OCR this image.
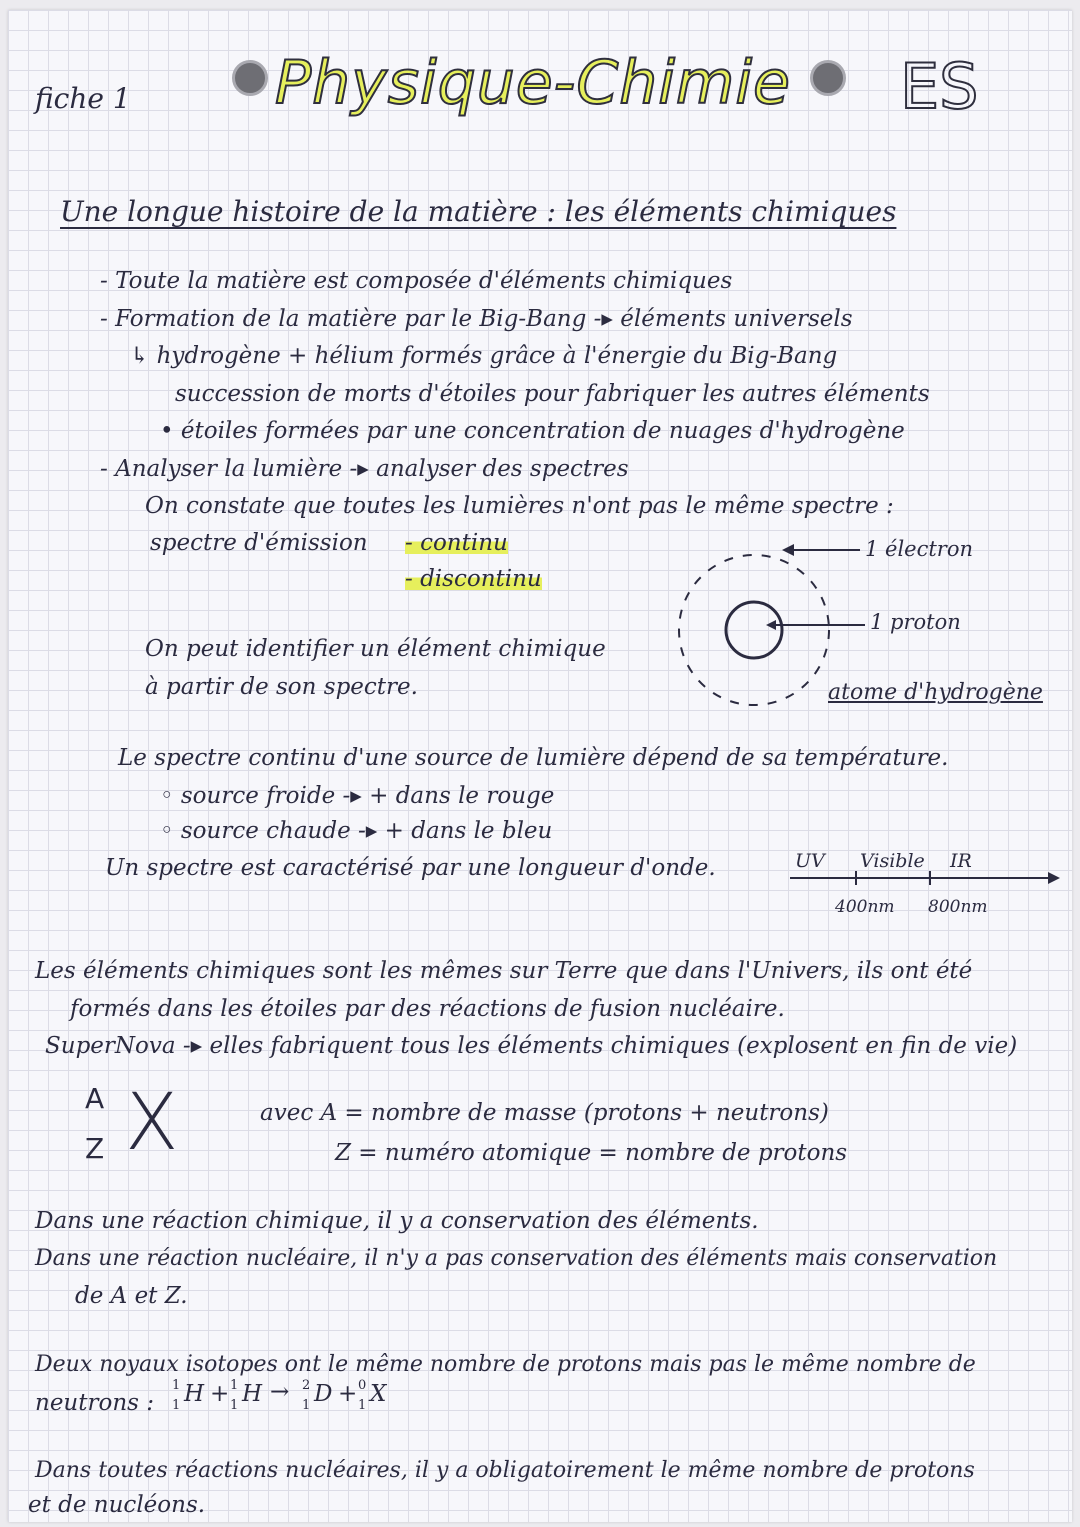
fiche 1 Physique-Chimie ES
Une longue histoire de la matière : les éléments chimiques
- Toute la matière est composée d'éléments chimiques
- Formation de la matière par le Big-Bang -▸ éléments universels
↳ hydrogène + hélium formés grâce à l'énergie du Big-Bang
succession de morts d'étoiles pour fabriquer les autres éléments
• étoiles formées par une concentration de nuages d'hydrogène
- Analyser la lumière -▸ analyser des spectres
On constate que toutes les lumières n'ont pas le même spectre :
spectre d'émission - continu
- discontinu
On peut identifier un élément chimique
à partir de son spectre.
1 électron
1 proton
atome d'hydrogène
Le spectre continu d'une source de lumière dépend de sa température.
◦ source froide -▸ + dans le rouge
◦ source chaude -▸ + dans le bleu
Un spectre est caractérisé par une longueur d'onde.	UV Visible IR
400nm 800nm
Les éléments chimiques sont les mêmes sur Terre que dans l'Univers, ils ont été
formés dans les étoiles par des réactions de fusion nucléaire.
SuperNova -▸ elles fabriquent tous les éléments chimiques (explosent en fin de vie)
A
Z X	avec A = nombre de masse (protons + neutrons)
Z = numéro atomique = nombre de protons
Dans une réaction chimique, il y a conservation des éléments.
Dans une réaction nucléaire, il n'y a pas conservation des éléments mais conservation
de A et Z.
Deux noyaux isotopes ont le même nombre de protons mais pas le même nombre de
neutrons :
1
1 H + 1
1 H → 2
1 D + 0
1 X
Dans toutes réactions nucléaires, il y a obligatoirement le même nombre de protons
et de nucléons.
